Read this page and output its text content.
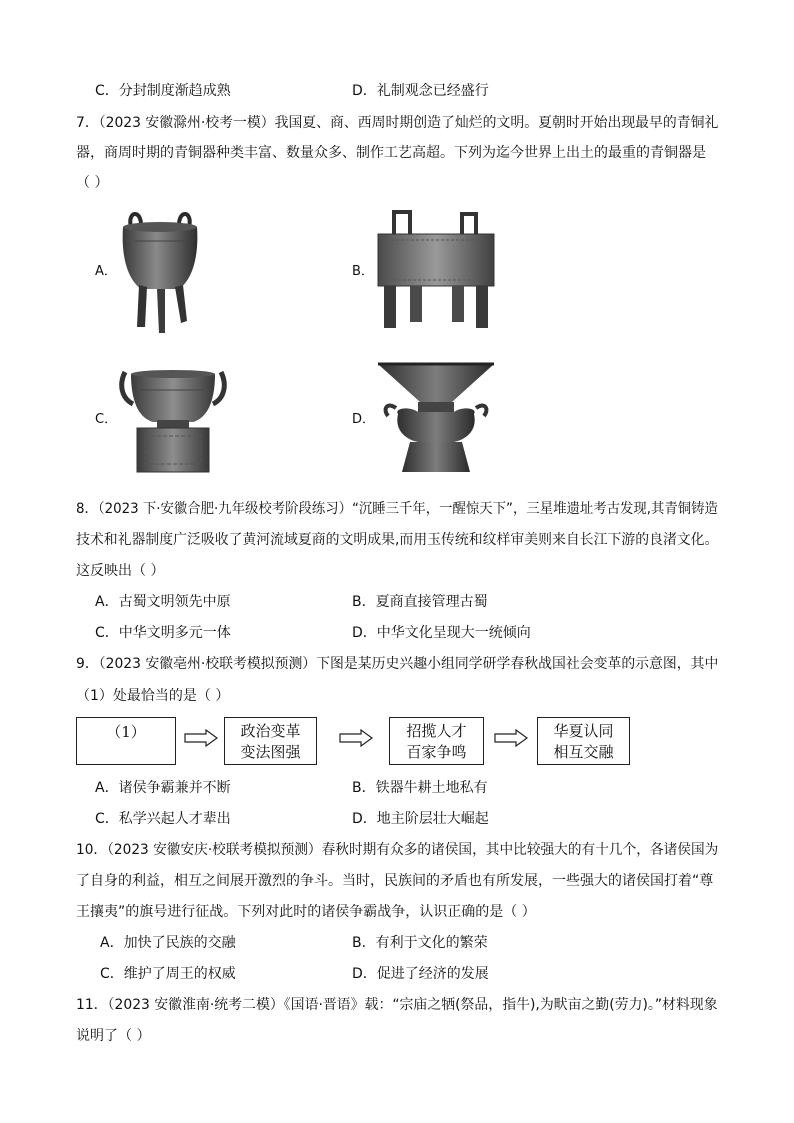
C．分封制度渐趋成熟	D．礼制观念已经盛行
7．（2023 安徽滁州·校考一模）我国夏、商、西周时期创造了灿烂的文明。夏朝时开始出现最早的青铜礼
器，商周时期的青铜器种类丰富、数量众多、制作工艺高超。下列为迄今世界上出土的最重的青铜器是
（ ）
A．	B．
C．	D．
8．（2023 下·安徽合肥·九年级校考阶段练习）“沉睡三千年，一醒惊天下”，三星堆遗址考古发现,其青铜铸造
技术和礼器制度广泛吸收了黄河流域夏商的文明成果,而用玉传统和纹样审美则来自长江下游的良渚文化。
这反映出（ ）
A．古蜀文明领先中原	B．夏商直接管理古蜀
C．中华文明多元一体	D．中华文化呈现大一统倾向
9．（2023 安徽亳州·校联考模拟预测）下图是某历史兴趣小组同学研学春秋战国社会变革的示意图，其中
（1）处最恰当的是（ ）
（1）	政治变革
变法图强
招揽人才
百家争鸣
华夏认同
相互交融
A．诸侯争霸兼并不断	B．铁器牛耕土地私有
C．私学兴起人才辈出	D．地主阶层壮大崛起
10．（2023 安徽安庆·校联考模拟预测）春秋时期有众多的诸侯国，其中比较强大的有十几个，各诸侯国为
了自身的利益，相互之间展开激烈的争斗。当时，民族间的矛盾也有所发展，一些强大的诸侯国打着“尊
王攘夷”的旗号进行征战。下列对此时的诸侯争霸战争，认识正确的是（ ）
A．加快了民族的交融	B．有利于文化的繁荣
C．维护了周王的权威	D．促进了经济的发展
11．（2023 安徽淮南·统考二模）《国语·晋语》载：“宗庙之牺(祭品，指牛),为畎亩之勤(劳力)。”材料现象
说明了（ ）
